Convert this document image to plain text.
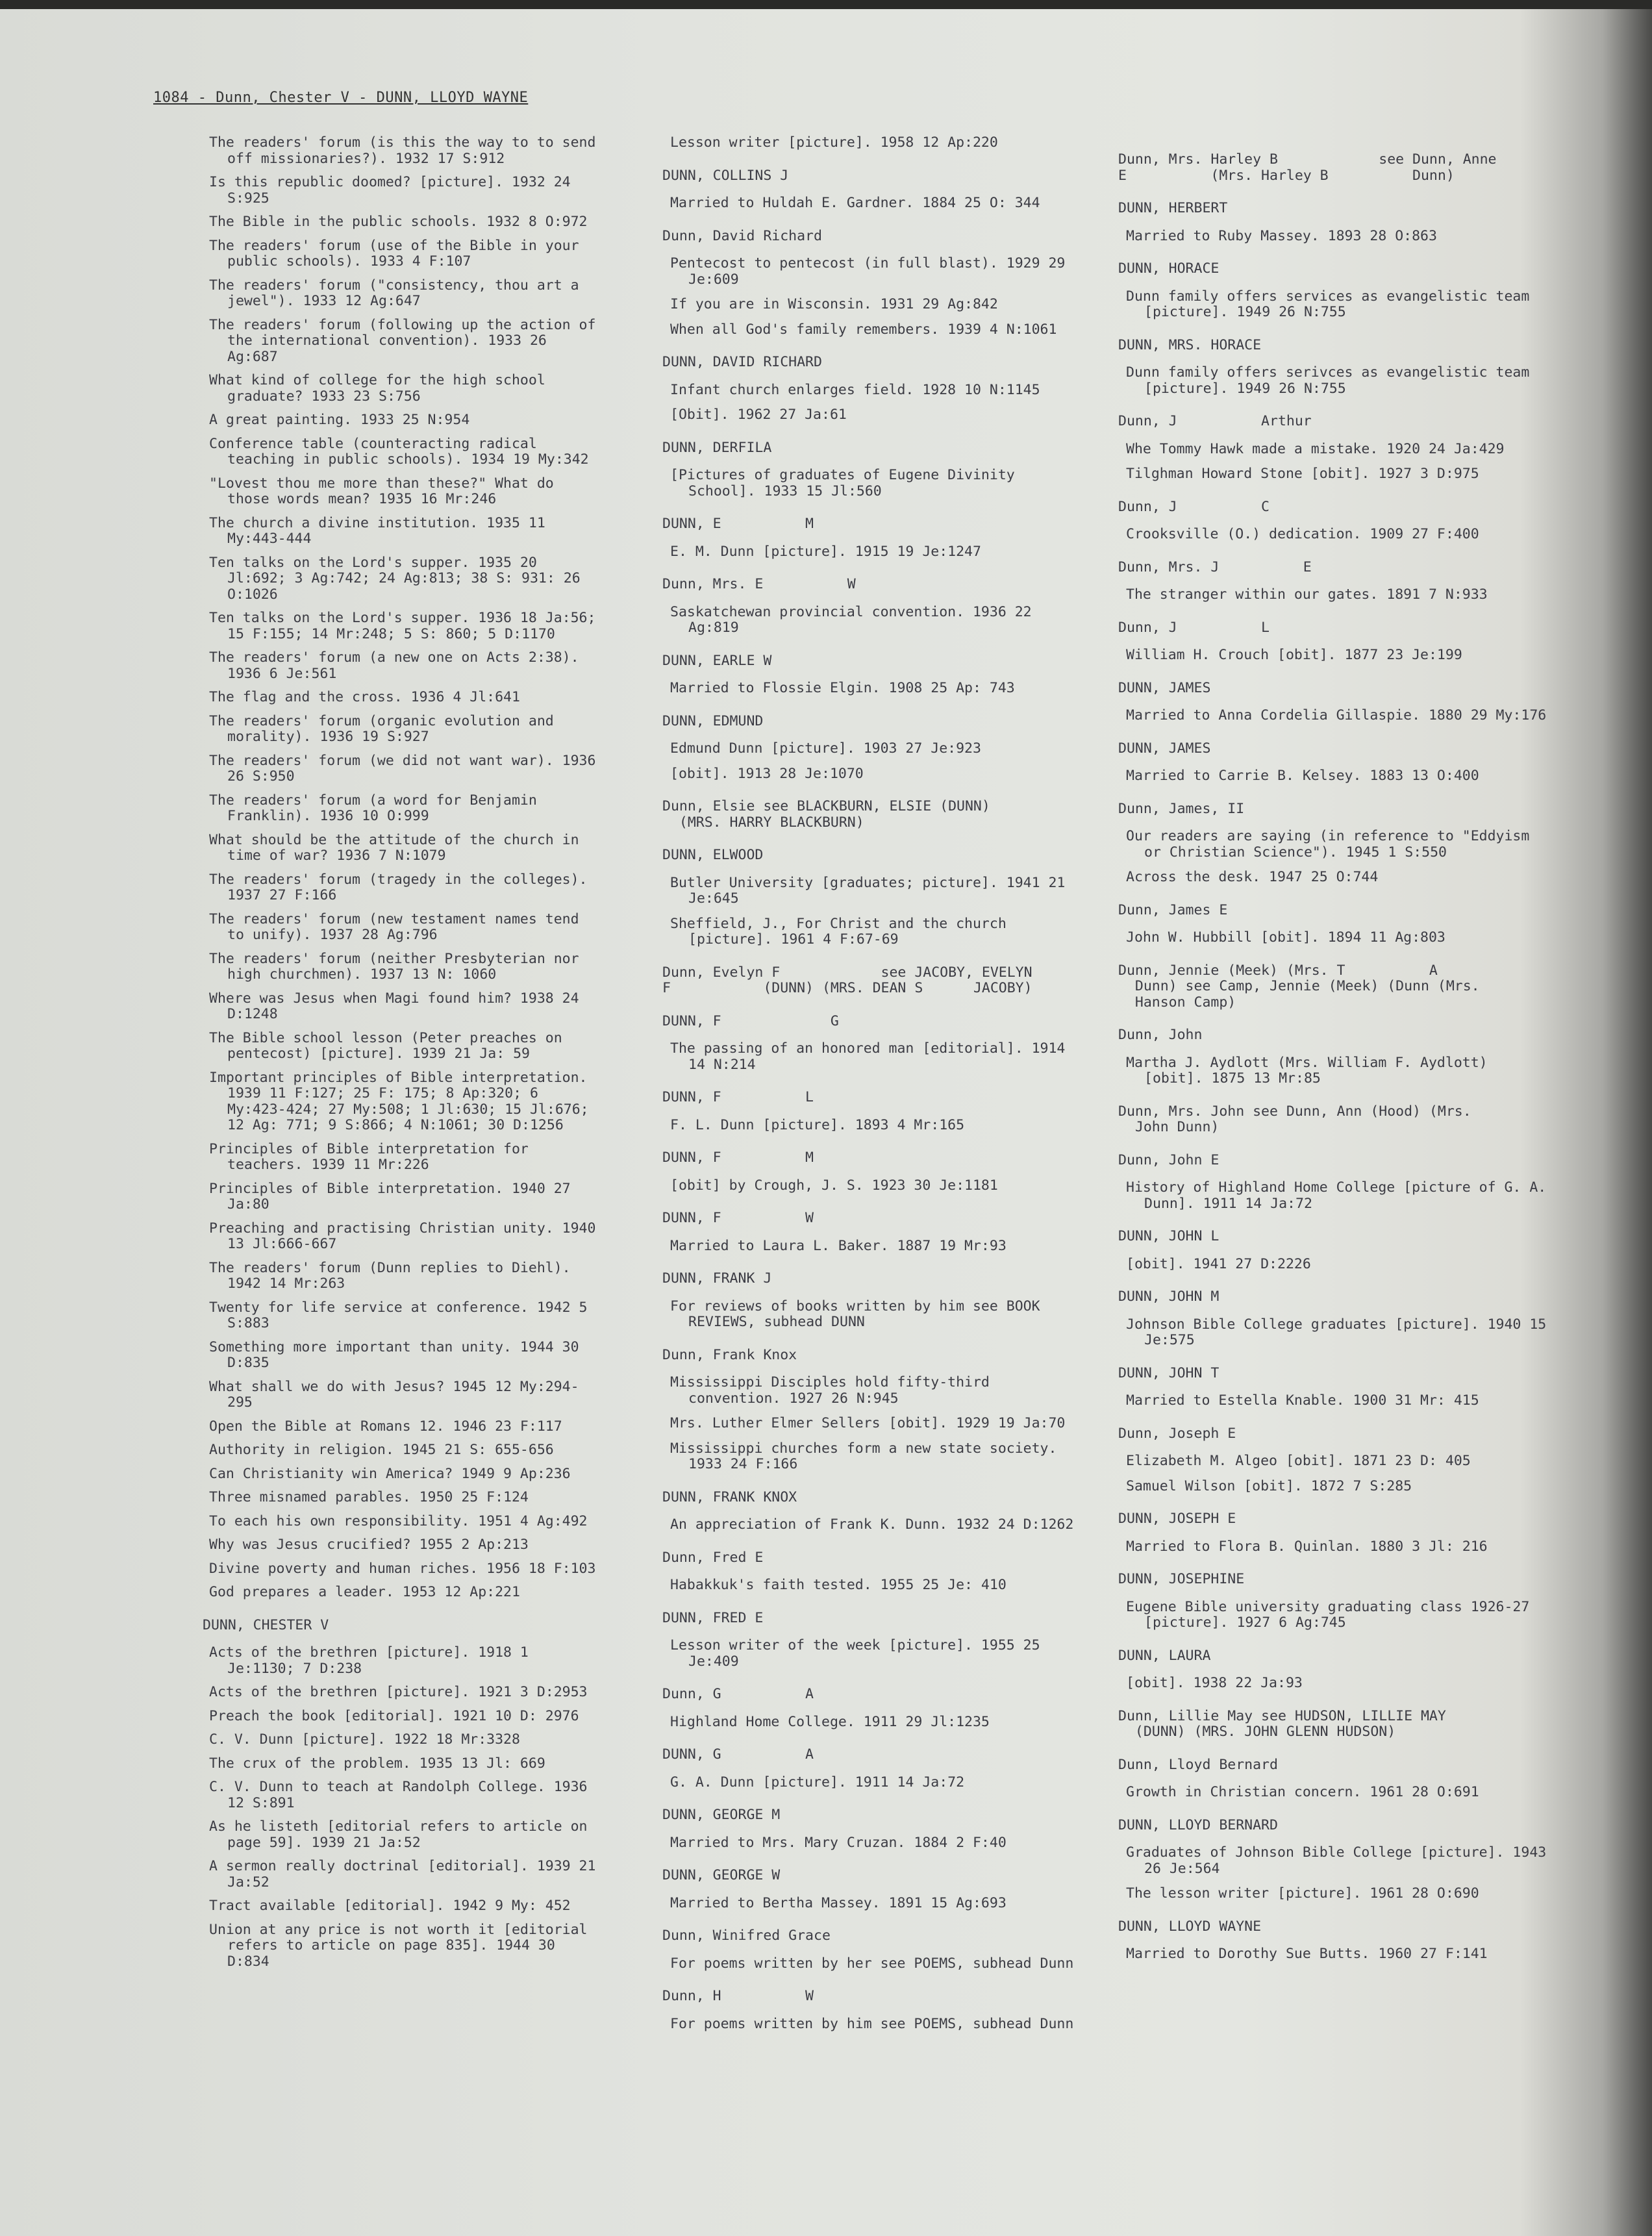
1084 - Dunn, Chester V - DUNN, LLOYD WAYNE
The readers' forum (is this the way to to send off missionaries?). 1932 17 S:912
Is this republic doomed? [picture]. 1932 24 S:925
The Bible in the public schools. 1932 8 O:972
The readers' forum (use of the Bible in your public schools). 1933 4 F:107
The readers' forum ("consistency, thou art a jewel"). 1933 12 Ag:647
The readers' forum (following up the action of the international convention). 1933 26 Ag:687
What kind of college for the high school graduate? 1933 23 S:756
A great painting. 1933 25 N:954
Conference table (counteracting radical teaching in public schools). 1934 19 My:342
"Lovest thou me more than these?" What do those words mean? 1935 16 Mr:246
The church a divine institution. 1935 11 My:443-444
Ten talks on the Lord's supper. 1935 20 Jl:692; 3 Ag:742; 24 Ag:813; 38 S: 931: 26 O:1026
Ten talks on the Lord's supper. 1936 18 Ja:56; 15 F:155; 14 Mr:248; 5 S: 860; 5 D:1170
The readers' forum (a new one on Acts 2:38). 1936 6 Je:561
The flag and the cross. 1936 4 Jl:641
The readers' forum (organic evolution and morality). 1936 19 S:927
The readers' forum (we did not want war). 1936 26 S:950
The readers' forum (a word for Benjamin Franklin). 1936 10 O:999
What should be the attitude of the church in time of war? 1936 7 N:1079
The readers' forum (tragedy in the colleges). 1937 27 F:166
The readers' forum (new testament names tend to unify). 1937 28 Ag:796
The readers' forum (neither Presbyterian nor high churchmen). 1937 13 N: 1060
Where was Jesus when Magi found him? 1938 24 D:1248
The Bible school lesson (Peter preaches on pentecost) [picture]. 1939 21 Ja: 59
Important principles of Bible interpretation. 1939 11 F:127; 25 F: 175; 8 Ap:320; 6 My:423-424; 27 My:508; 1 Jl:630; 15 Jl:676; 12 Ag: 771; 9 S:866; 4 N:1061; 30 D:1256
Principles of Bible interpretation for teachers. 1939 11 Mr:226
Principles of Bible interpretation. 1940 27 Ja:80
Preaching and practising Christian unity. 1940 13 Jl:666-667
The readers' forum (Dunn replies to Diehl). 1942 14 Mr:263
Twenty for life service at conference. 1942 5 S:883
Something more important than unity. 1944 30 D:835
What shall we do with Jesus? 1945 12 My:294-295
Open the Bible at Romans 12. 1946 23 F:117
Authority in religion. 1945 21 S: 655-656
Can Christianity win America? 1949 9 Ap:236
Three misnamed parables. 1950 25 F:124
To each his own responsibility. 1951 4 Ag:492
Why was Jesus crucified? 1955 2 Ap:213
Divine poverty and human riches. 1956 18 F:103
God prepares a leader. 1953 12 Ap:221
DUNN, CHESTER V
Acts of the brethren [picture]. 1918 1 Je:1130; 7 D:238
Acts of the brethren [picture]. 1921 3 D:2953
Preach the book [editorial]. 1921 10 D: 2976
C. V. Dunn [picture]. 1922 18 Mr:3328
The crux of the problem. 1935 13 Jl: 669
C. V. Dunn to teach at Randolph College. 1936 12 S:891
As he listeth [editorial refers to article on page 59]. 1939 21 Ja:52
A sermon really doctrinal [editorial]. 1939 21 Ja:52
Tract available [editorial]. 1942 9 My: 452
Union at any price is not worth it [editorial refers to article on page 835]. 1944 30 D:834
Lesson writer [picture]. 1958 12 Ap:220
DUNN, COLLINS J
Married to Huldah E. Gardner. 1884 25 O: 344
Dunn, David Richard
Pentecost to pentecost (in full blast). 1929 29 Je:609
If you are in Wisconsin. 1931 29 Ag:842
When all God's family remembers. 1939 4 N:1061
DUNN, DAVID RICHARD
Infant church enlarges field. 1928 10 N:1145
[Obit]. 1962 27 Ja:61
DUNN, DERFILA
[Pictures of graduates of Eugene Divinity School]. 1933 15 Jl:560
DUNN, E          M
E. M. Dunn [picture]. 1915 19 Je:1247
Dunn, Mrs. E          W
Saskatchewan provincial convention. 1936 22 Ag:819
DUNN, EARLE W
Married to Flossie Elgin. 1908 25 Ap: 743
DUNN, EDMUND
Edmund Dunn [picture]. 1903 27 Je:923
[obit]. 1913 28 Je:1070
Dunn, Elsie see BLACKBURN, ELSIE (DUNN)
(MRS. HARRY BLACKBURN)
DUNN, ELWOOD
Butler University [graduates; picture]. 1941 21 Je:645
Sheffield, J., For Christ and the church [picture]. 1961 4 F:67-69
Dunn, Evelyn F            see JACOBY, EVELYN
F           (DUNN) (MRS. DEAN S      JACOBY)
DUNN, F             G
The passing of an honored man [editorial]. 1914 14 N:214
DUNN, F          L
F. L. Dunn [picture]. 1893 4 Mr:165
DUNN, F          M
[obit] by Crough, J. S. 1923 30 Je:1181
DUNN, F          W
Married to Laura L. Baker. 1887 19 Mr:93
DUNN, FRANK J
For reviews of books written by him see BOOK REVIEWS, subhead DUNN
Dunn, Frank Knox
Mississippi Disciples hold fifty-third convention. 1927 26 N:945
Mrs. Luther Elmer Sellers [obit]. 1929 19 Ja:70
Mississippi churches form a new state society. 1933 24 F:166
DUNN, FRANK KNOX
An appreciation of Frank K. Dunn. 1932 24 D:1262
Dunn, Fred E
Habakkuk's faith tested. 1955 25 Je: 410
DUNN, FRED E
Lesson writer of the week [picture]. 1955 25 Je:409
Dunn, G          A
Highland Home College. 1911 29 Jl:1235
DUNN, G          A
G. A. Dunn [picture]. 1911 14 Ja:72
DUNN, GEORGE M
Married to Mrs. Mary Cruzan. 1884 2 F:40
DUNN, GEORGE W
Married to Bertha Massey. 1891 15 Ag:693
Dunn, Winifred Grace
For poems written by her see POEMS, subhead Dunn
Dunn, H          W
For poems written by him see POEMS, subhead Dunn
Dunn, Mrs. Harley B            see Dunn, Anne
E          (Mrs. Harley B          Dunn)
DUNN, HERBERT
Married to Ruby Massey. 1893 28 O:863
DUNN, HORACE
Dunn family offers services as evangelistic team [picture]. 1949 26 N:755
DUNN, MRS. HORACE
Dunn family offers serivces as evangelistic team [picture]. 1949 26 N:755
Dunn, J          Arthur
Whe Tommy Hawk made a mistake. 1920 24 Ja:429
Tilghman Howard Stone [obit]. 1927 3 D:975
Dunn, J          C
Crooksville (O.) dedication. 1909 27 F:400
Dunn, Mrs. J          E
The stranger within our gates. 1891 7 N:933
Dunn, J          L
William H. Crouch [obit]. 1877 23 Je:199
DUNN, JAMES
Married to Anna Cordelia Gillaspie. 1880 29 My:176
DUNN, JAMES
Married to Carrie B. Kelsey. 1883 13 O:400
Dunn, James, II
Our readers are saying (in reference to "Eddyism or Christian Science"). 1945 1 S:550
Across the desk. 1947 25 O:744
Dunn, James E
John W. Hubbill [obit]. 1894 11 Ag:803
Dunn, Jennie (Meek) (Mrs. T          A
Dunn) see Camp, Jennie (Meek) (Dunn (Mrs.
Hanson Camp)
Dunn, John
Martha J. Aydlott (Mrs. William F. Aydlott) [obit]. 1875 13 Mr:85
Dunn, Mrs. John see Dunn, Ann (Hood) (Mrs.
John Dunn)
Dunn, John E
History of Highland Home College [picture of G. A. Dunn]. 1911 14 Ja:72
DUNN, JOHN L
[obit]. 1941 27 D:2226
DUNN, JOHN M
Johnson Bible College graduates [picture]. 1940 15 Je:575
DUNN, JOHN T
Married to Estella Knable. 1900 31 Mr: 415
Dunn, Joseph E
Elizabeth M. Algeo [obit]. 1871 23 D: 405
Samuel Wilson [obit]. 1872 7 S:285
DUNN, JOSEPH E
Married to Flora B. Quinlan. 1880 3 Jl: 216
DUNN, JOSEPHINE
Eugene Bible university graduating class 1926-27 [picture]. 1927 6 Ag:745
DUNN, LAURA
[obit]. 1938 22 Ja:93
Dunn, Lillie May see HUDSON, LILLIE MAY
(DUNN) (MRS. JOHN GLENN HUDSON)
Dunn, Lloyd Bernard
Growth in Christian concern. 1961 28 O:691
DUNN, LLOYD BERNARD
Graduates of Johnson Bible College [picture]. 1943 26 Je:564
The lesson writer [picture]. 1961 28 O:690
DUNN, LLOYD WAYNE
Married to Dorothy Sue Butts. 1960 27 F:141
